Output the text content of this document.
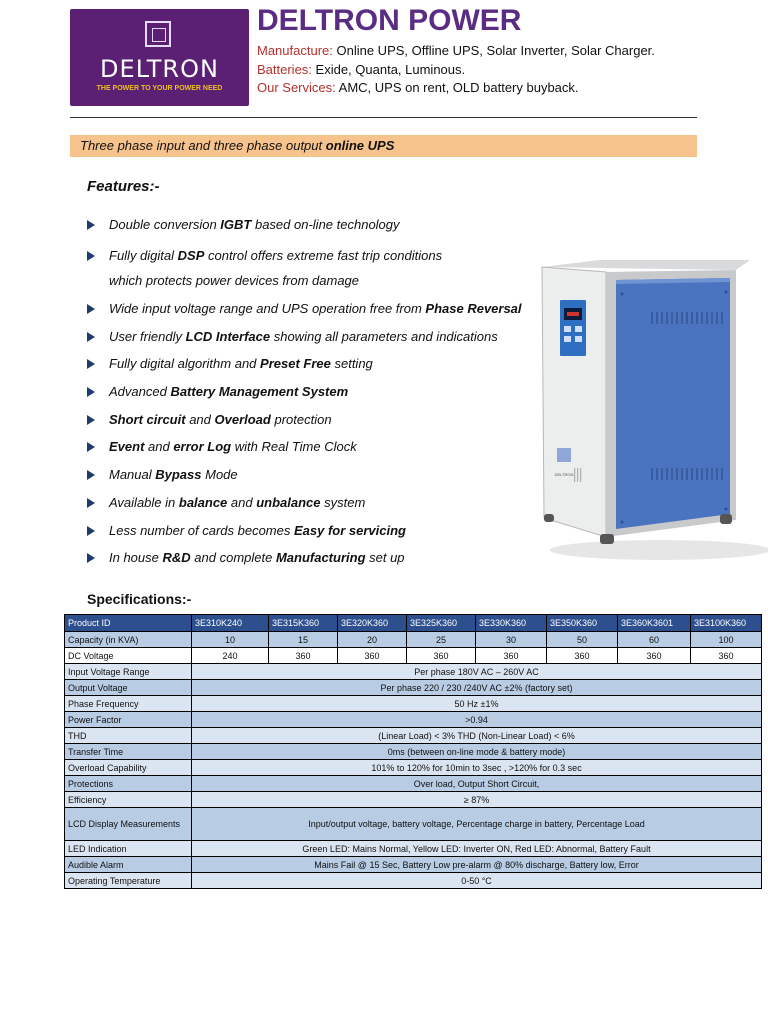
DELTRON
THE POWER TO YOUR POWER NEED
DELTRON POWER
Manufacture: Online UPS, Offline UPS, Solar Inverter, Solar Charger.
Batteries: Exide, Quanta, Luminous.
Our Services: AMC, UPS on rent, OLD battery buyback.
Three phase input and three phase output online UPS
Features:-
Double conversion IGBT based on-line technology
Fully digital DSP control offers extreme fast trip conditions
which protects power devices from damage
Wide input voltage range and UPS operation free from Phase Reversal
User friendly LCD Interface showing all parameters and indications
Fully digital algorithm and Preset Free setting
Advanced Battery Management System
Short circuit and Overload protection
Event and error Log with Real Time Clock
Manual Bypass Mode
Available in balance and unbalance system
Less number of cards becomes Easy for servicing
In house R&D and complete Manufacturing set up
DELTRON
Specifications:-
Product ID	3E310K240	3E315K360	3E320K360	3E325K360	3E330K360	3E350K360	3E360K3601	3E3100K360
Capacity (in KVA)	10	15	20	25	30	50	60	100
DC Voltage	240	360	360	360	360	360	360	360
Input Voltage Range	Per phase 180V AC – 260V AC							
Output Voltage	Per phase 220 / 230 /240V AC ±2% (factory set)							
Phase Frequency	50 Hz ±1%							
Power Factor	>0.94							
THD	(Linear Load) < 3% THD (Non-Linear Load) < 6%							
Transfer Time	0ms (between on-line mode & battery mode)							
Overload Capability	101% to 120% for 10min to 3sec , >120% for 0.3 sec							
Protections	Over load, Output Short Circuit,							
Efficiency	≥ 87%							
LCD Display Measurements	Input/output voltage, battery voltage, Percentage charge in battery, Percentage Load							
LED Indication	Green LED: Mains Normal, Yellow LED: Inverter ON, Red LED: Abnormal, Battery Fault							
Audible Alarm	Mains Fail @ 15 Sec, Battery Low pre-alarm @ 80% discharge, Battery low, Error							
Operating Temperature	0-50 °C							
